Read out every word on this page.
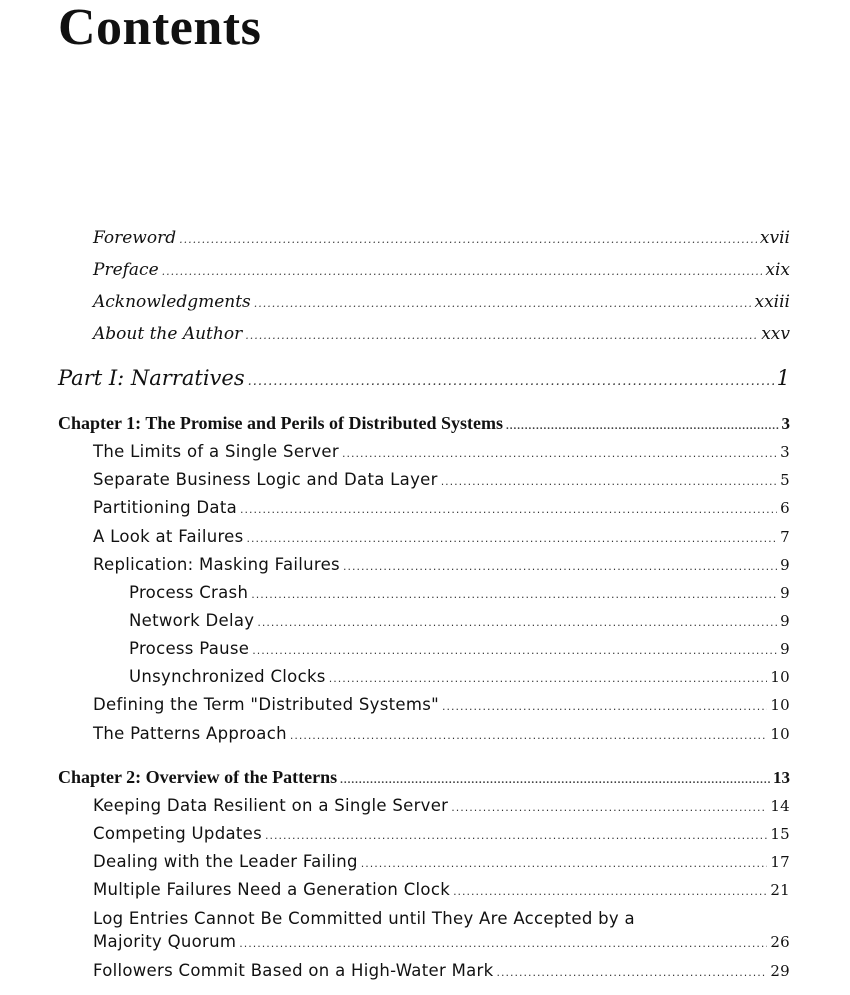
Contents
Foreword .....	xvii
Preface .....	xix
Acknowledgments .....	xxiii
About the Author .....	xxv
Part I: Narratives .....	1
Chapter 1: The Promise and Perils of Distributed Systems .....	3
The Limits of a Single Server .....	3
Separate Business Logic and Data Layer .....	5
Partitioning Data .....	6
A Look at Failures .....	7
Replication: Masking Failures .....	9
Process Crash .....	9
Network Delay .....	9
Process Pause .....	9
Unsynchronized Clocks .....	10
Defining the Term "Distributed Systems" .....	10
The Patterns Approach .....	10
Chapter 2: Overview of the Patterns .....	13
Keeping Data Resilient on a Single Server .....	14
Competing Updates .....	15
Dealing with the Leader Failing .....	17
Multiple Failures Need a Generation Clock .....	21
Log Entries Cannot Be Committed until They Are Accepted by a
Majority Quorum .....	26
Followers Commit Based on a High-Water Mark .....	29
